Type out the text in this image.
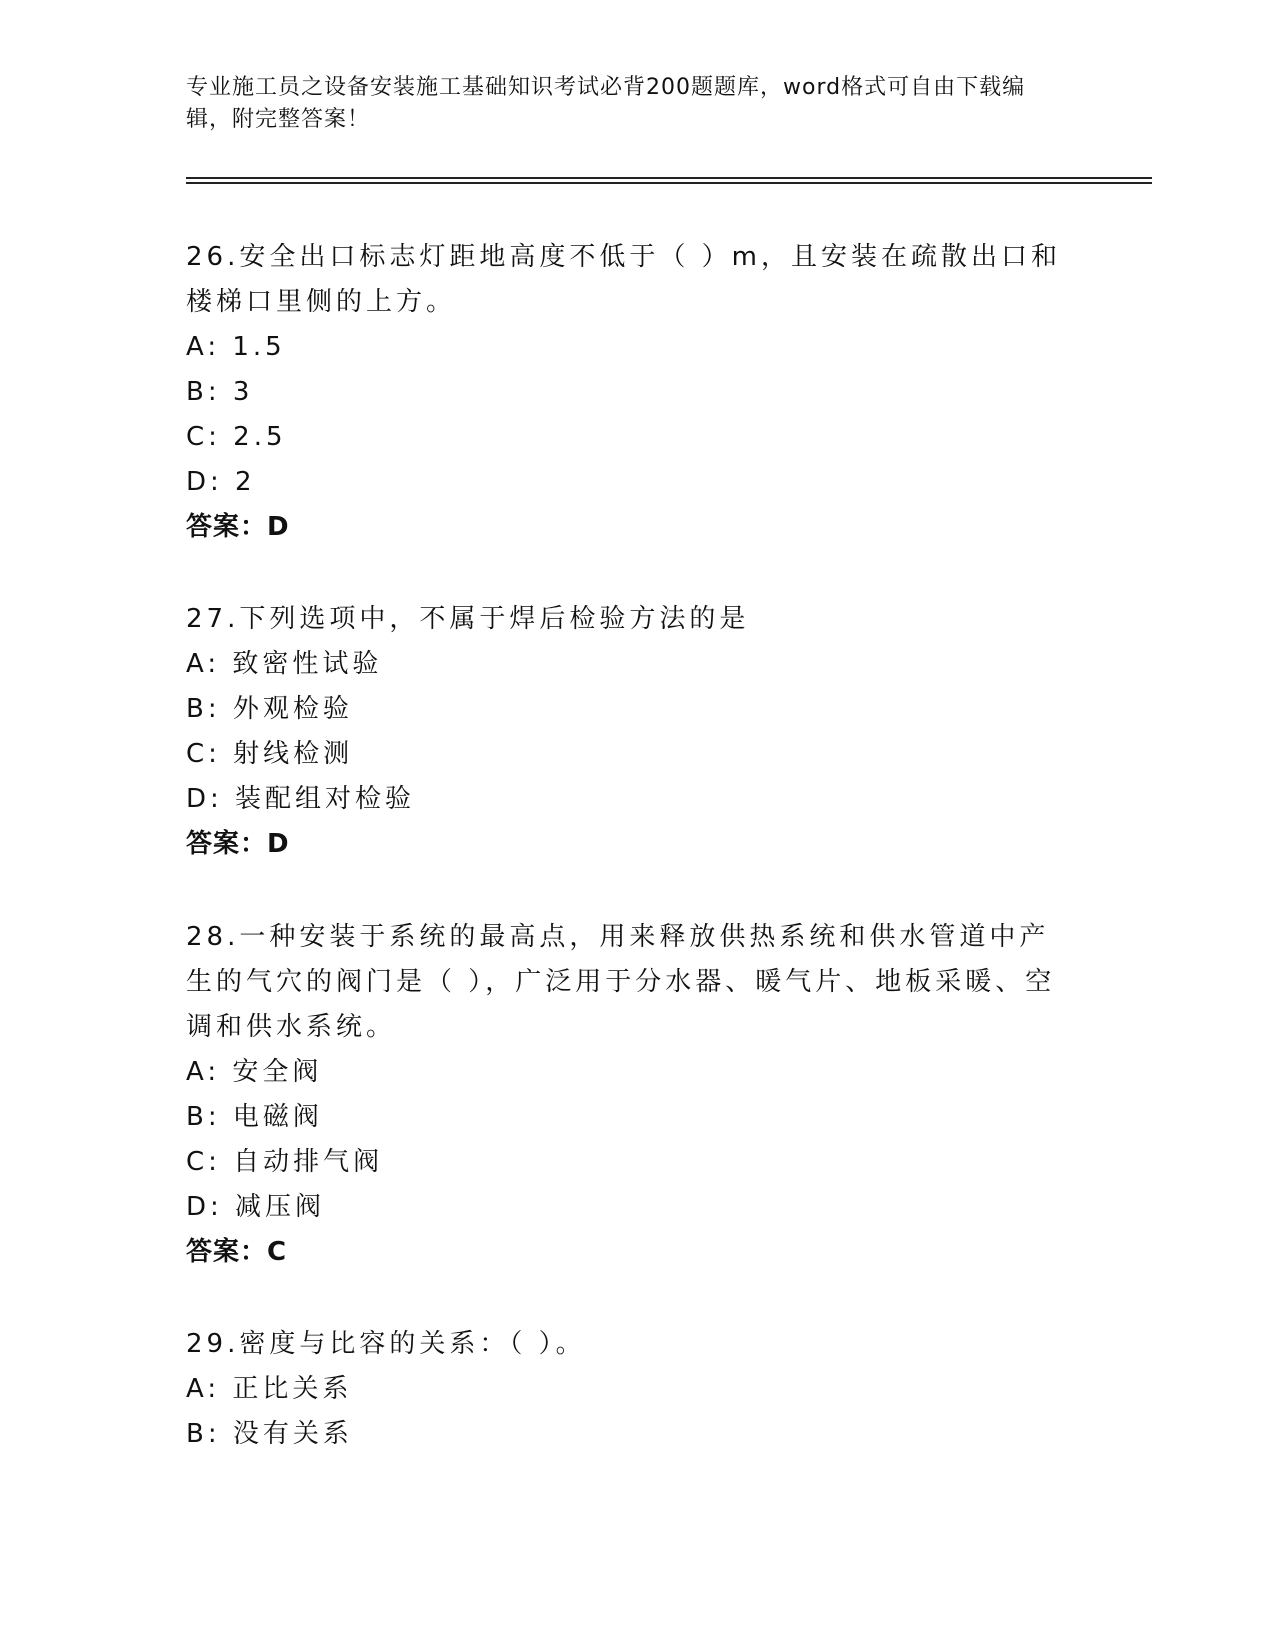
专业施工员之设备安装施工基础知识考试必背200题题库，word格式可自由下载编辑，附完整答案！

26.安全出口标志灯距地高度不低于（ ）m，且安装在疏散出口和楼梯口里侧的上方。

A: 1.5

B: 3

C: 2.5

D: 2

答案：D

27.下列选项中，不属于焊后检验方法的是

A: 致密性试验

B: 外观检验

C: 射线检测

D: 装配组对检验

答案：D

28.一种安装于系统的最高点，用来释放供热系统和供水管道中产生的气穴的阀门是（ ），广泛用于分水器、暖气片、地板采暖、空调和供水系统。

A: 安全阀

B: 电磁阀

C: 自动排气阀

D: 减压阀

答案：C

29.密度与比容的关系：（ ）。

A: 正比关系

B: 没有关系
